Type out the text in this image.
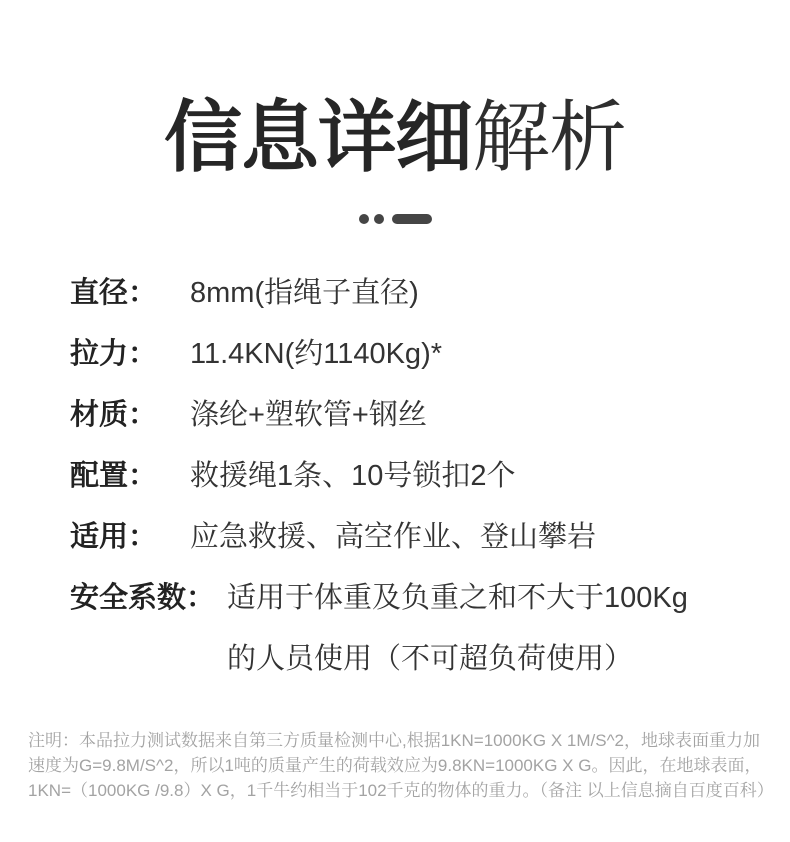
信息详细解析
直径：	8mm(指绳子直径)
拉力：	11.4KN(约1140Kg)*
材质：	涤纶+塑软管+钢丝
配置：	救援绳1条、10号锁扣2个
适用：	应急救援、高空作业、登山攀岩
安全系数： 适用于体重及负重之和不大于100Kg
的人员使用（不可超负荷使用）
注明：本品拉力测试数据来自第三方质量检测中心,根据1KN=1000KG X 1M/S^2，地球表面重力加
速度为G=9.8M/S^2，所以1吨的质量产生的荷载效应为9.8KN=1000KG X G。因此，在地球表面，
1KN=（1000KG /9.8）X G，1千牛约相当于102千克的物体的重力。（备注 以上信息摘自百度百科）
